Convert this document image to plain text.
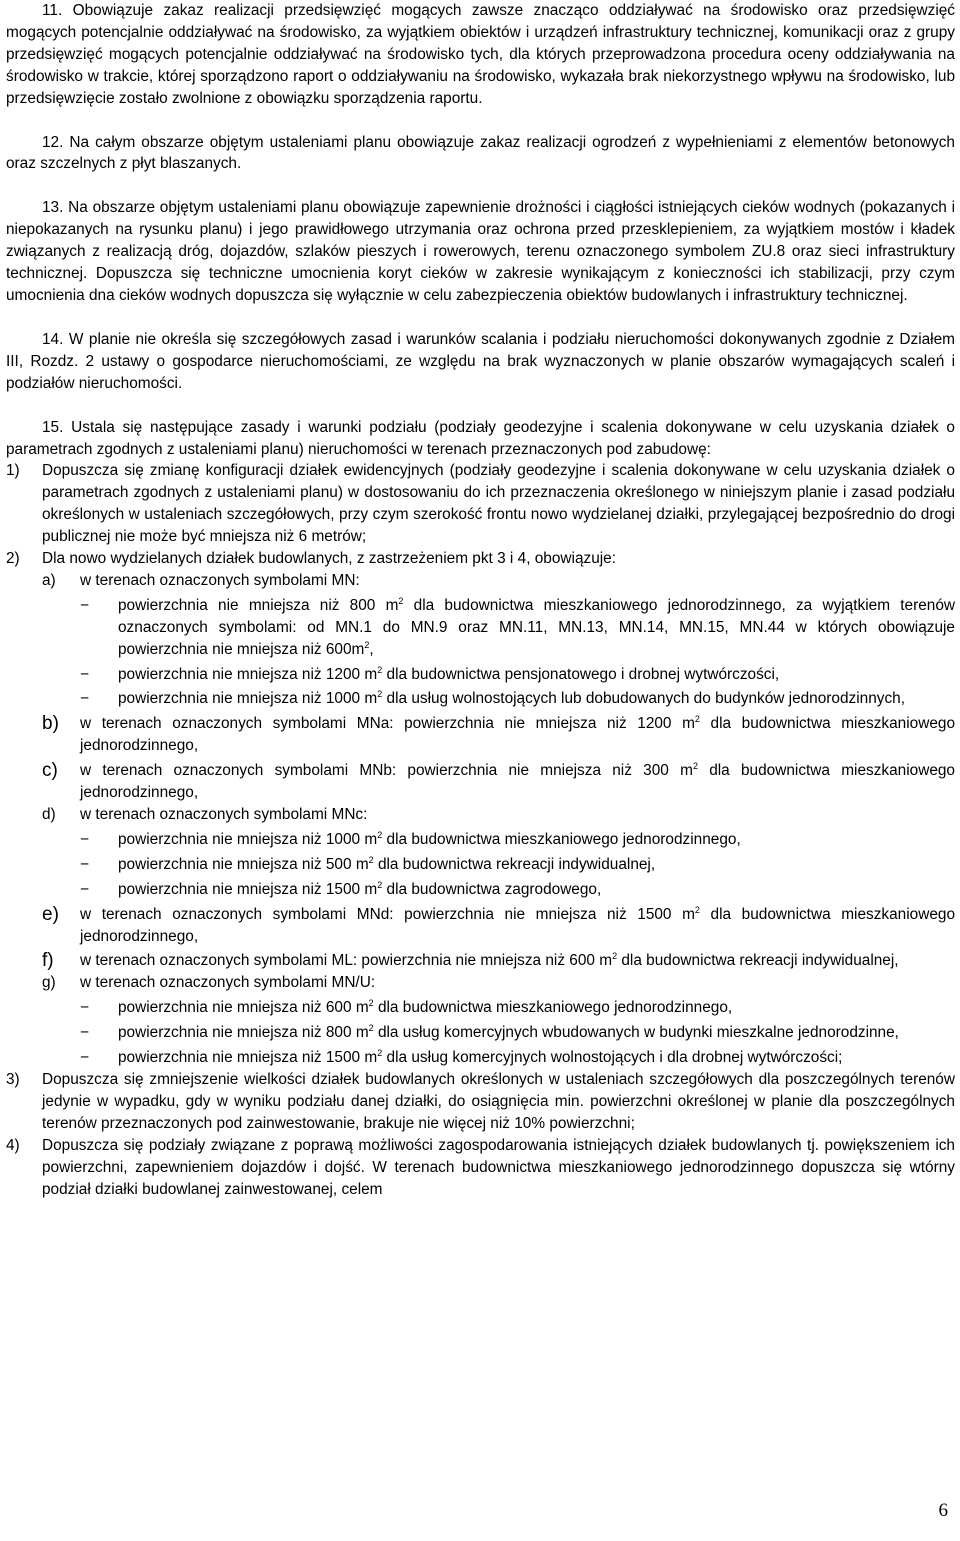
11. Obowiązuje zakaz realizacji przedsięwzięć mogących zawsze znacząco oddziaływać na środowisko oraz przedsięwzięć mogących potencjalnie oddziaływać na środowisko, za wyjątkiem obiektów i urządzeń infrastruktury technicznej, komunikacji oraz z grupy przedsięwzięć mogących potencjalnie oddziaływać na środowisko tych, dla których przeprowadzona procedura oceny oddziaływania na środowisko w trakcie, której sporządzono raport o oddziaływaniu na środowisko, wykazała brak niekorzystnego wpływu na środowisko, lub przedsięwzięcie zostało zwolnione z obowiązku sporządzenia raportu.

12. Na całym obszarze objętym ustaleniami planu obowiązuje zakaz realizacji ogrodzeń z wypełnieniami z elementów betonowych oraz szczelnych z płyt blaszanych.

13. Na obszarze objętym ustaleniami planu obowiązuje zapewnienie drożności i ciągłości istniejących cieków wodnych (pokazanych i niepokazanych na rysunku planu) i jego prawidłowego utrzymania oraz ochrona przed przesklepieniem, za wyjątkiem mostów i kładek związanych z realizacją dróg, dojazdów, szlaków pieszych i rowerowych, terenu oznaczonego symbolem ZU.8 oraz sieci infrastruktury technicznej. Dopuszcza się techniczne umocnienia koryt cieków w zakresie wynikającym z konieczności ich stabilizacji, przy czym umocnienia dna cieków wodnych dopuszcza się wyłącznie w celu zabezpieczenia obiektów budowlanych i infrastruktury technicznej.

14. W planie nie określa się szczegółowych zasad i warunków scalania i podziału nieruchomości dokonywanych zgodnie z Działem III, Rozdz. 2 ustawy o gospodarce nieruchomościami, ze względu na brak wyznaczonych w planie obszarów wymagających scaleń i podziałów nieruchomości.

15. Ustala się następujące zasady i warunki podziału (podziały geodezyjne i scalenia dokonywane w celu uzyskania działek o parametrach zgodnych z ustaleniami planu) nieruchomości w terenach przeznaczonych pod zabudowę:

1) Dopuszcza się zmianę konfiguracji działek ewidencyjnych (podziały geodezyjne i scalenia dokonywane w celu uzyskania działek o parametrach zgodnych z ustaleniami planu) w dostosowaniu do ich przeznaczenia określonego w niniejszym planie i zasad podziału określonych w ustaleniach szczegółowych, przy czym szerokość frontu nowo wydzielanej działki, przylegającej bezpośrednio do drogi publicznej nie może być mniejsza niż 6 metrów;

2) Dla nowo wydzielanych działek budowlanych, z zastrzeżeniem pkt 3 i 4, obowiązuje:

a) w terenach oznaczonych symbolami MN:

− powierzchnia nie mniejsza niż 800 $m^2$ dla budownictwa mieszkaniowego jednorodzinnego, za wyjątkiem terenów oznaczonych symbolami: od MN.1 do MN.9 oraz MN.11, MN.13, MN.14, MN.15, MN.44 w których obowiązuje powierzchnia nie mniejsza niż $600m^2$,

− powierzchnia nie mniejsza niż 1200 $m^2$ dla budownictwa pensjonatowego i drobnej wytwórczości,

− powierzchnia nie mniejsza niż 1000 $m^2$ dla usług wolnostojących lub dobudowanych do budynków jednorodzinnych,

b) w terenach oznaczonych symbolami MNa: powierzchnia nie mniejsza niż 1200 $m^2$ dla budownictwa mieszkaniowego jednorodzinnego,

c) w terenach oznaczonych symbolami MNb: powierzchnia nie mniejsza niż 300 $m^2$ dla budownictwa mieszkaniowego jednorodzinnego,

d) w terenach oznaczonych symbolami MNc:

− powierzchnia nie mniejsza niż 1000 $m^2$ dla budownictwa mieszkaniowego jednorodzinnego,

− powierzchnia nie mniejsza niż 500 $m^2$ dla budownictwa rekreacji indywidualnej,

− powierzchnia nie mniejsza niż 1500 $m^2$ dla budownictwa zagrodowego,

e) w terenach oznaczonych symbolami MNd: powierzchnia nie mniejsza niż 1500 $m^2$ dla budownictwa mieszkaniowego jednorodzinnego,

f) w terenach oznaczonych symbolami ML: powierzchnia nie mniejsza niż 600 $m^2$ dla budownictwa rekreacji indywidualnej,

g) w terenach oznaczonych symbolami MN/U:

− powierzchnia nie mniejsza niż 600 $m^2$ dla budownictwa mieszkaniowego jednorodzinnego,

− powierzchnia nie mniejsza niż 800 $m^2$ dla usług komercyjnych wbudowanych w budynki mieszkalne jednorodzinne,

− powierzchnia nie mniejsza niż 1500 $m^2$ dla usług komercyjnych wolnostojących i dla drobnej wytwórczości;

3) Dopuszcza się zmniejszenie wielkości działek budowlanych określonych w ustaleniach szczegółowych dla poszczególnych terenów jedynie w wypadku, gdy w wyniku podziału danej działki, do osiągnięcia min. powierzchni określonej w planie dla poszczególnych terenów przeznaczonych pod zainwestowanie, brakuje nie więcej niż 10% powierzchni;

4) Dopuszcza się podziały związane z poprawą możliwości zagospodarowania istniejących działek budowlanych tj. powiększeniem ich powierzchni, zapewnieniem dojazdów i dojść. W terenach budownictwa mieszkaniowego jednorodzinnego dopuszcza się wtórny podział działki budowlanej zainwestowanej, celem

6
